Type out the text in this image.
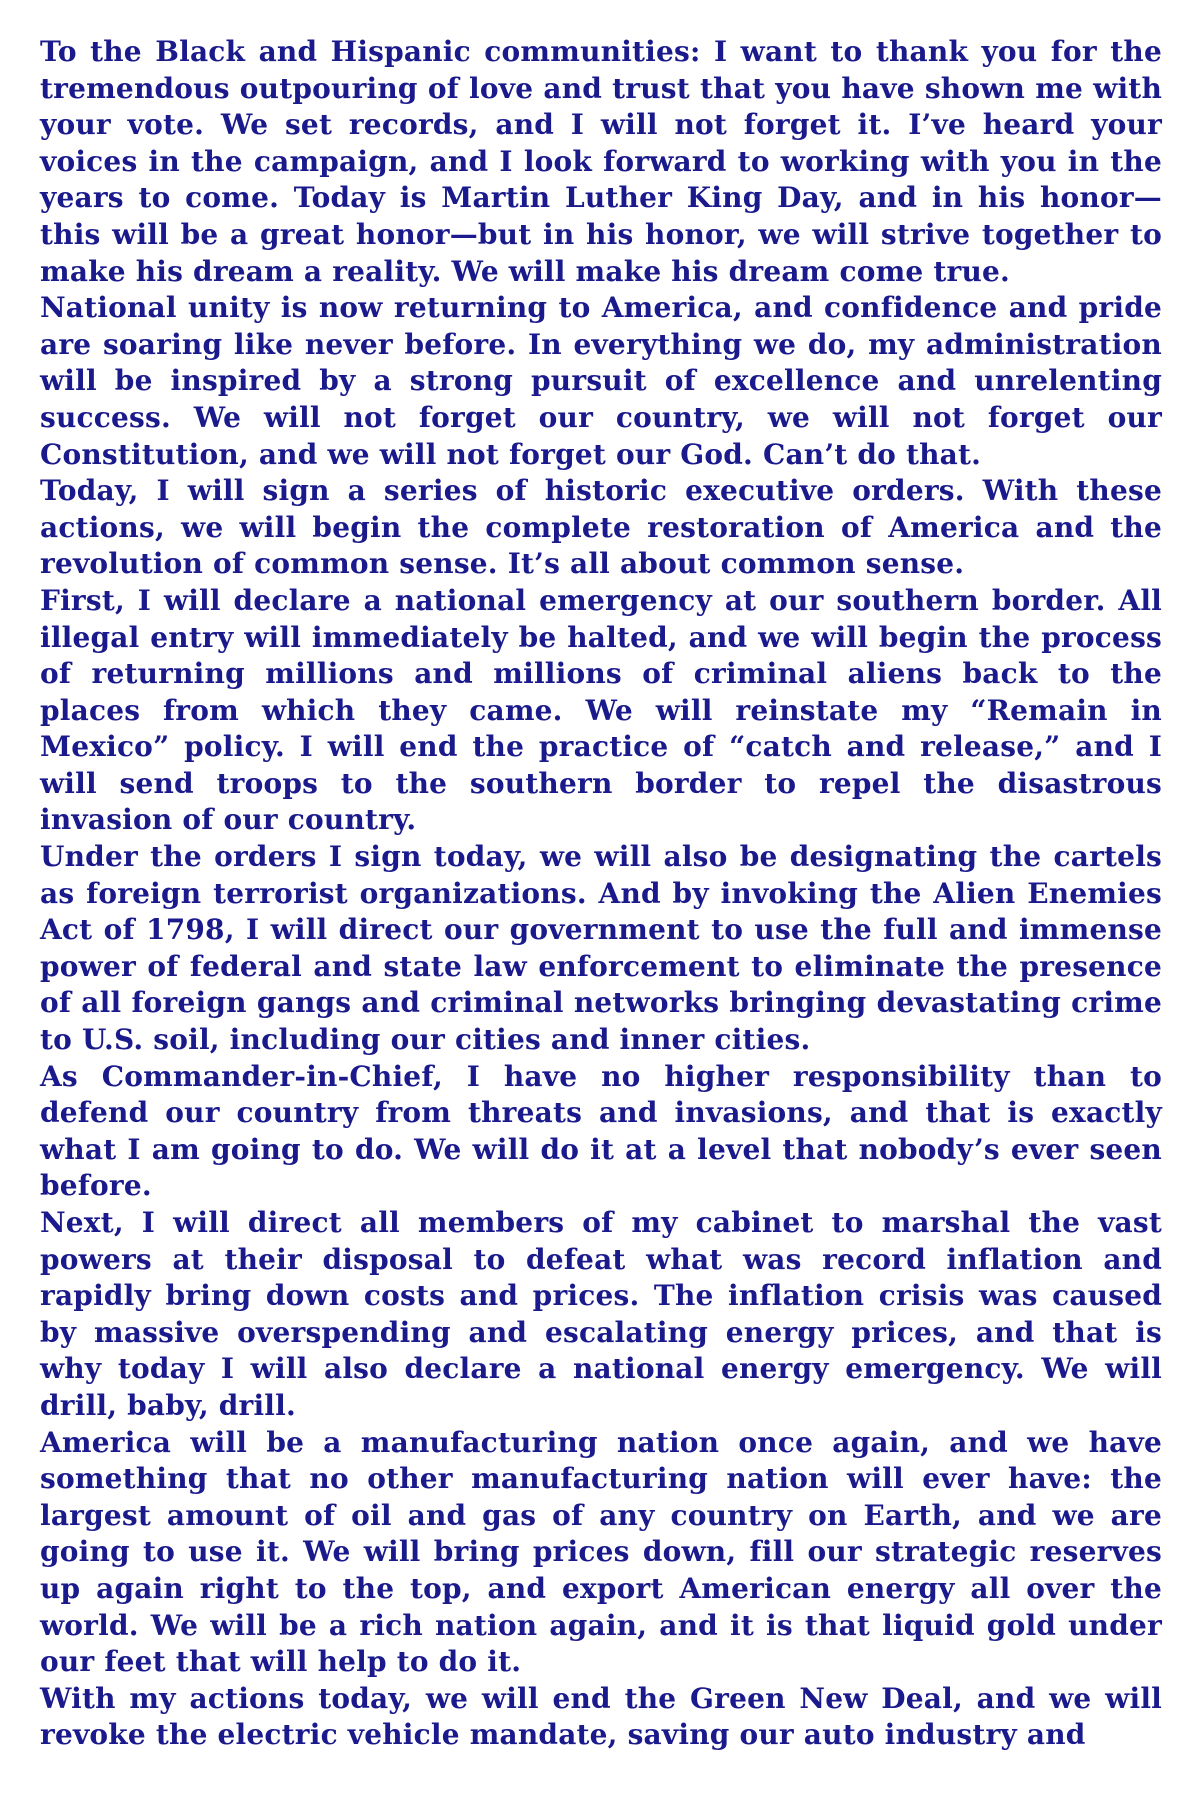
To the Black and Hispanic communities: I want to thank you for the tremendous outpouring of love and trust that you have shown me with your vote. We set records, and I will not forget it. I’ve heard your voices in the campaign, and I look forward to working with you in the years to come. Today is Martin Luther King Day, and in his honor—this will be a great honor—but in his honor, we will strive together to make his dream a reality. We will make his dream come true.

National unity is now returning to America, and confidence and pride are soaring like never before. In everything we do, my administration will be inspired by a strong pursuit of excellence and unrelenting success. We will not forget our country, we will not forget our Constitution, and we will not forget our God. Can’t do that.

Today, I will sign a series of historic executive orders. With these actions, we will begin the complete restoration of America and the revolution of common sense. It’s all about common sense.

First, I will declare a national emergency at our southern border. All illegal entry will immediately be halted, and we will begin the process of returning millions and millions of criminal aliens back to the places from which they came. We will reinstate my “Remain in Mexico” policy. I will end the practice of “catch and release,” and I will send troops to the southern border to repel the disastrous invasion of our country.

Under the orders I sign today, we will also be designating the cartels as foreign terrorist organizations. And by invoking the Alien Enemies Act of 1798, I will direct our government to use the full and immense power of federal and state law enforcement to eliminate the presence of all foreign gangs and criminal networks bringing devastating crime to U.S. soil, including our cities and inner cities.

As Commander-in-Chief, I have no higher responsibility than to defend our country from threats and invasions, and that is exactly what I am going to do. We will do it at a level that nobody’s ever seen before.

Next, I will direct all members of my cabinet to marshal the vast powers at their disposal to defeat what was record inflation and rapidly bring down costs and prices. The inflation crisis was caused by massive overspending and escalating energy prices, and that is why today I will also declare a national energy emergency. We will drill, baby, drill.

America will be a manufacturing nation once again, and we have something that no other manufacturing nation will ever have: the largest amount of oil and gas of any country on Earth, and we are going to use it. We will bring prices down, fill our strategic reserves up again right to the top, and export American energy all over the world. We will be a rich nation again, and it is that liquid gold under our feet that will help to do it.

With my actions today, we will end the Green New Deal, and we will revoke the electric vehicle mandate, saving our auto industry and
